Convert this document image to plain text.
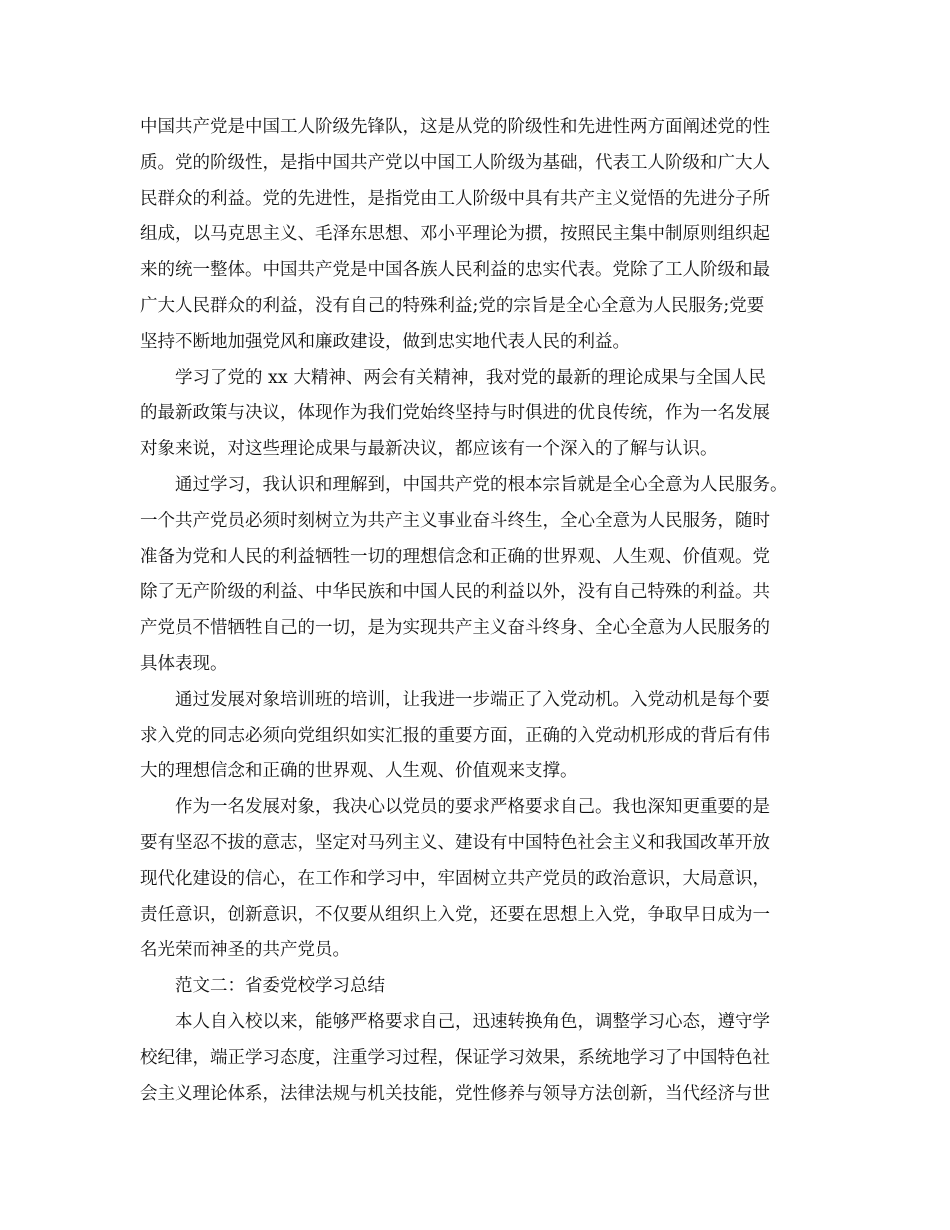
中国共产党是中国工人阶级先锋队，这是从党的阶级性和先进性两方面阐述党的性
质。党的阶级性，是指中国共产党以中国工人阶级为基础，代表工人阶级和广大人
民群众的利益。党的先进性，是指党由工人阶级中具有共产主义觉悟的先进分子所
组成，以马克思主义、毛泽东思想、邓小平理论为掼，按照民主集中制原则组织起
来的统一整体。中国共产党是中国各族人民利益的忠实代表。党除了工人阶级和最
广大人民群众的利益，没有自己的特殊利益;党的宗旨是全心全意为人民服务;党要
坚持不断地加强党风和廉政建设，做到忠实地代表人民的利益。
学习了党的 xx 大精神、两会有关精神，我对党的最新的理论成果与全国人民
的最新政策与决议，体现作为我们党始终坚持与时俱进的优良传统，作为一名发展
对象来说，对这些理论成果与最新决议，都应该有一个深入的了解与认识。
通过学习，我认识和理解到，中国共产党的根本宗旨就是全心全意为人民服务。
一个共产党员必须时刻树立为共产主义事业奋斗终生，全心全意为人民服务，随时
准备为党和人民的利益牺牲一切的理想信念和正确的世界观、人生观、价值观。党
除了无产阶级的利益、中华民族和中国人民的利益以外，没有自己特殊的利益。共
产党员不惜牺牲自己的一切，是为实现共产主义奋斗终身、全心全意为人民服务的
具体表现。
通过发展对象培训班的培训，让我进一步端正了入党动机。入党动机是每个要
求入党的同志必须向党组织如实汇报的重要方面，正确的入党动机形成的背后有伟
大的理想信念和正确的世界观、人生观、价值观来支撑。
作为一名发展对象，我决心以党员的要求严格要求自己。我也深知更重要的是
要有坚忍不拔的意志，坚定对马列主义、建设有中国特色社会主义和我国改革开放
现代化建设的信心，在工作和学习中，牢固树立共产党员的政治意识，大局意识，
责任意识，创新意识，不仅要从组织上入党，还要在思想上入党，争取早日成为一
名光荣而神圣的共产党员。
范文二：省委党校学习总结
本人自入校以来，能够严格要求自己，迅速转换角色，调整学习心态，遵守学
校纪律，端正学习态度，注重学习过程，保证学习效果，系统地学习了中国特色社
会主义理论体系，法律法规与机关技能，党性修养与领导方法创新，当代经济与世
